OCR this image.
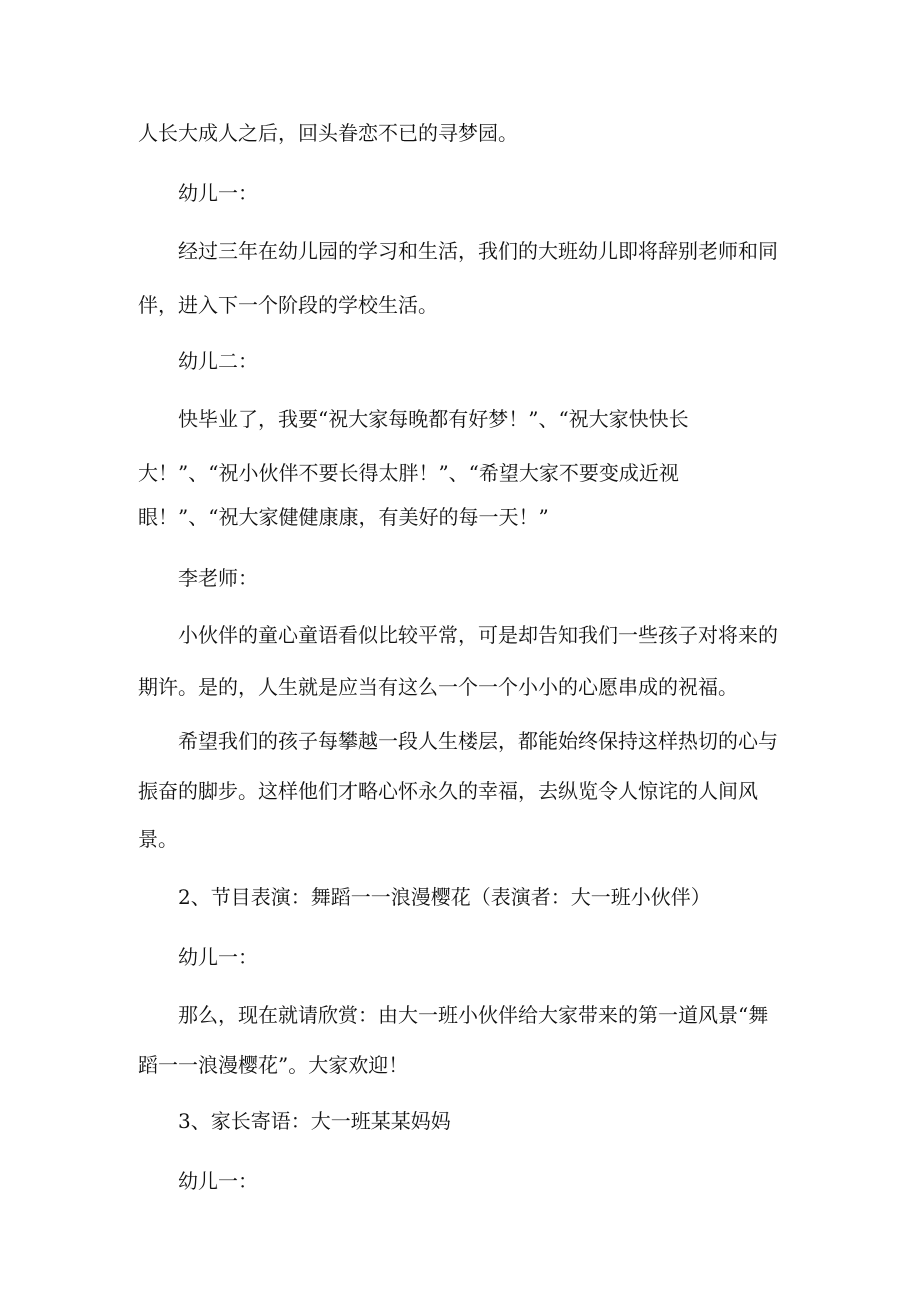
人长大成人之后，回头眷恋不已的寻梦园。
幼儿一：
经过三年在幼儿园的学习和生活，我们的大班幼儿即将辞别老师和同
伴，进入下一个阶段的学校生活。
幼儿二：
快毕业了，我要“祝大家每晚都有好梦！”、“祝大家快快长
大！”、“祝小伙伴不要长得太胖！”、“希望大家不要变成近视
眼！”、“祝大家健健康康，有美好的每一天！”
李老师：
小伙伴的童心童语看似比较平常，可是却告知我们一些孩子对将来的
期许。是的，人生就是应当有这么一个一个小小的心愿串成的祝福。
希望我们的孩子每攀越一段人生楼层，都能始终保持这样热切的心与
振奋的脚步。这样他们才略心怀永久的幸福，去纵览令人惊诧的人间风
景。
2、节目表演：舞蹈一一浪漫樱花（表演者：大一班小伙伴）
幼儿一：
那么，现在就请欣赏：由大一班小伙伴给大家带来的第一道风景“舞
蹈一一浪漫樱花”。大家欢迎！
3、家长寄语：大一班某某妈妈
幼儿一：
